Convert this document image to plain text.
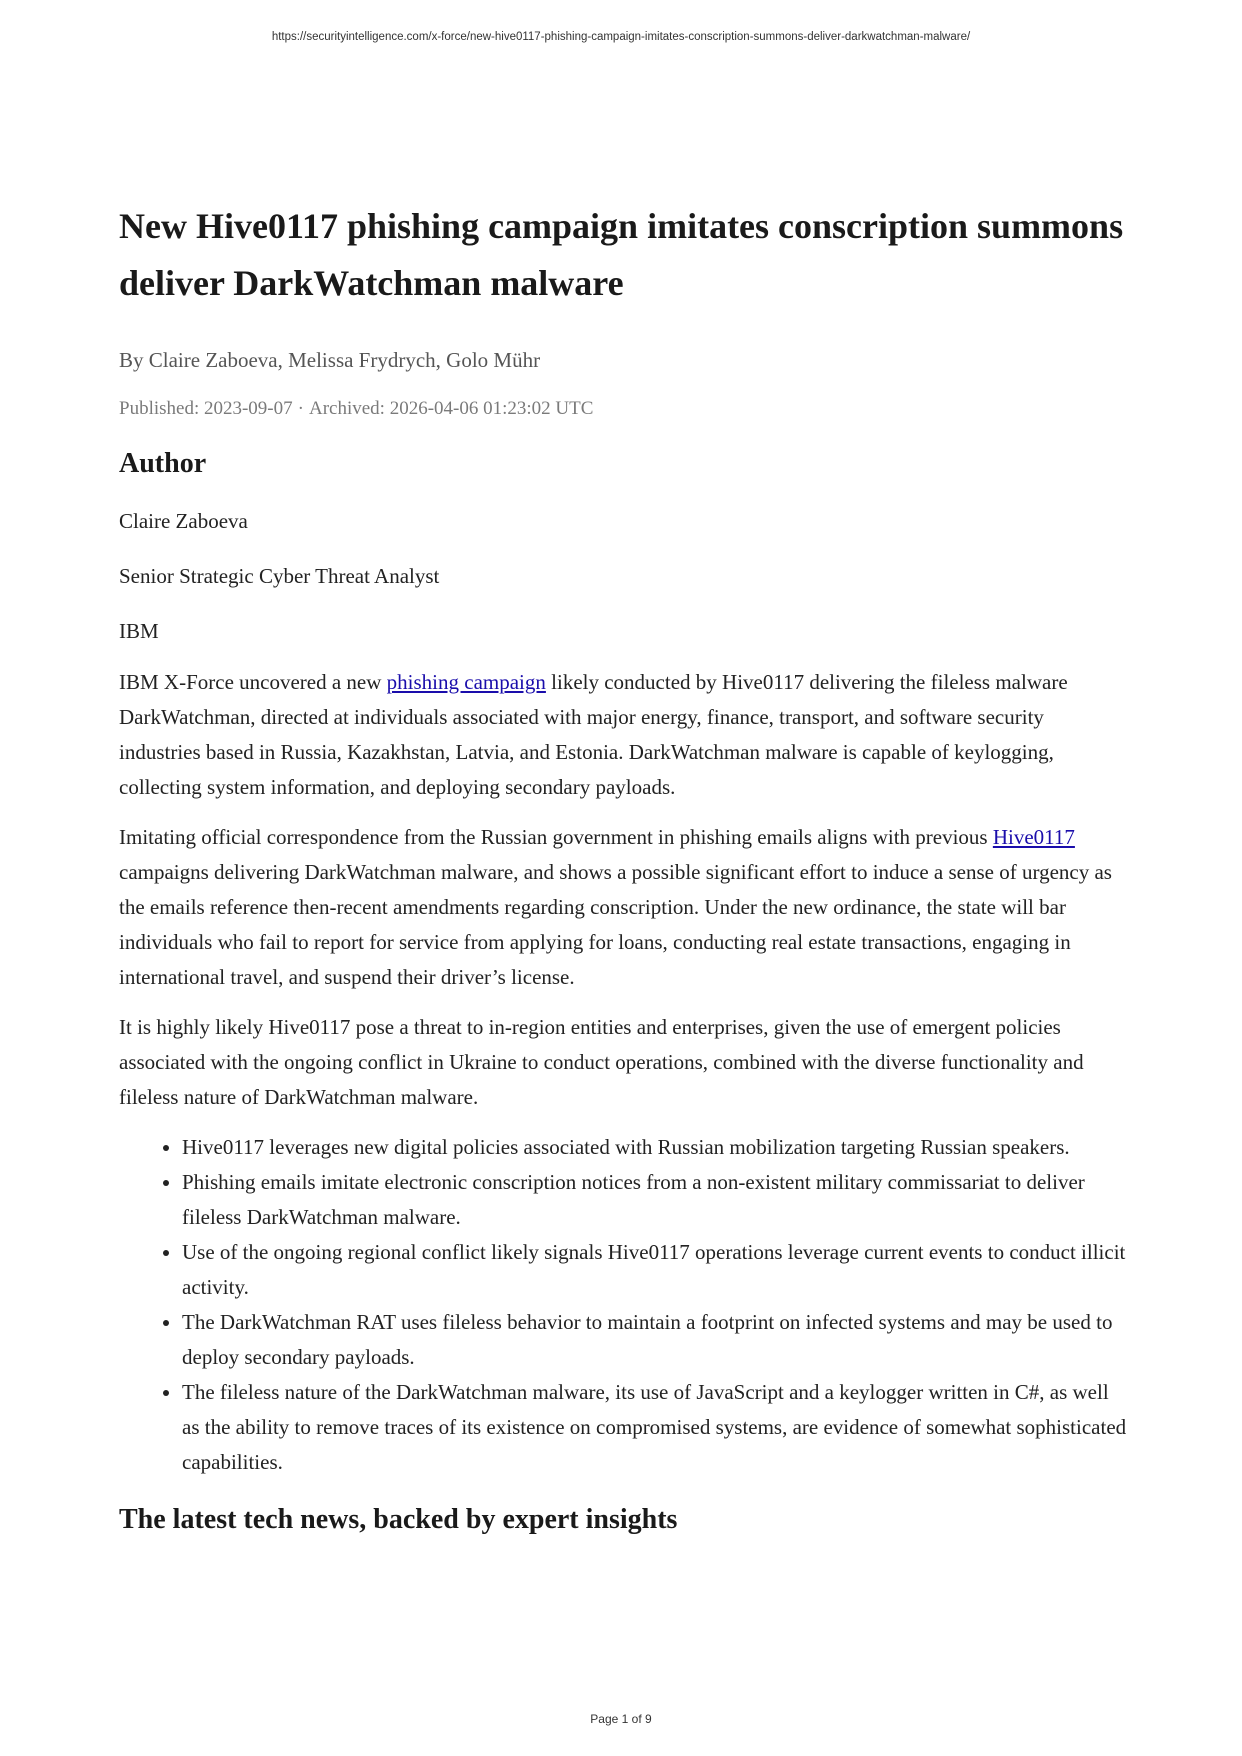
https://securityintelligence.com/x-force/new-hive0117-phishing-campaign-imitates-conscription-summons-deliver-darkwatchman-malware/
New Hive0117 phishing campaign imitates conscription summons deliver DarkWatchman malware

By Claire Zaboeva, Melissa Frydrych, Golo Mühr

Published: 2023-09-07 · Archived: 2026-04-06 01:23:02 UTC

Author

Claire Zaboeva

Senior Strategic Cyber Threat Analyst

IBM

IBM X-Force uncovered a new phishing campaign likely conducted by Hive0117 delivering the fileless malware DarkWatchman, directed at individuals associated with major energy, finance, transport, and software security industries based in Russia, Kazakhstan, Latvia, and Estonia. DarkWatchman malware is capable of keylogging, collecting system information, and deploying secondary payloads.

Imitating official correspondence from the Russian government in phishing emails aligns with previous Hive0117 campaigns delivering DarkWatchman malware, and shows a possible significant effort to induce a sense of urgency as the emails reference then-recent amendments regarding conscription. Under the new ordinance, the state will bar individuals who fail to report for service from applying for loans, conducting real estate transactions, engaging in international travel, and suspend their driver’s license.

It is highly likely Hive0117 pose a threat to in-region entities and enterprises, given the use of emergent policies associated with the ongoing conflict in Ukraine to conduct operations, combined with the diverse functionality and fileless nature of DarkWatchman malware.

• Hive0117 leverages new digital policies associated with Russian mobilization targeting Russian speakers.
• Phishing emails imitate electronic conscription notices from a non-existent military commissariat to deliver fileless DarkWatchman malware.
• Use of the ongoing regional conflict likely signals Hive0117 operations leverage current events to conduct illicit activity.
• The DarkWatchman RAT uses fileless behavior to maintain a footprint on infected systems and may be used to deploy secondary payloads.
• The fileless nature of the DarkWatchman malware, its use of JavaScript and a keylogger written in C#, as well as the ability to remove traces of its existence on compromised systems, are evidence of somewhat sophisticated capabilities.
The latest tech news, backed by expert insights
Page 1 of 9
